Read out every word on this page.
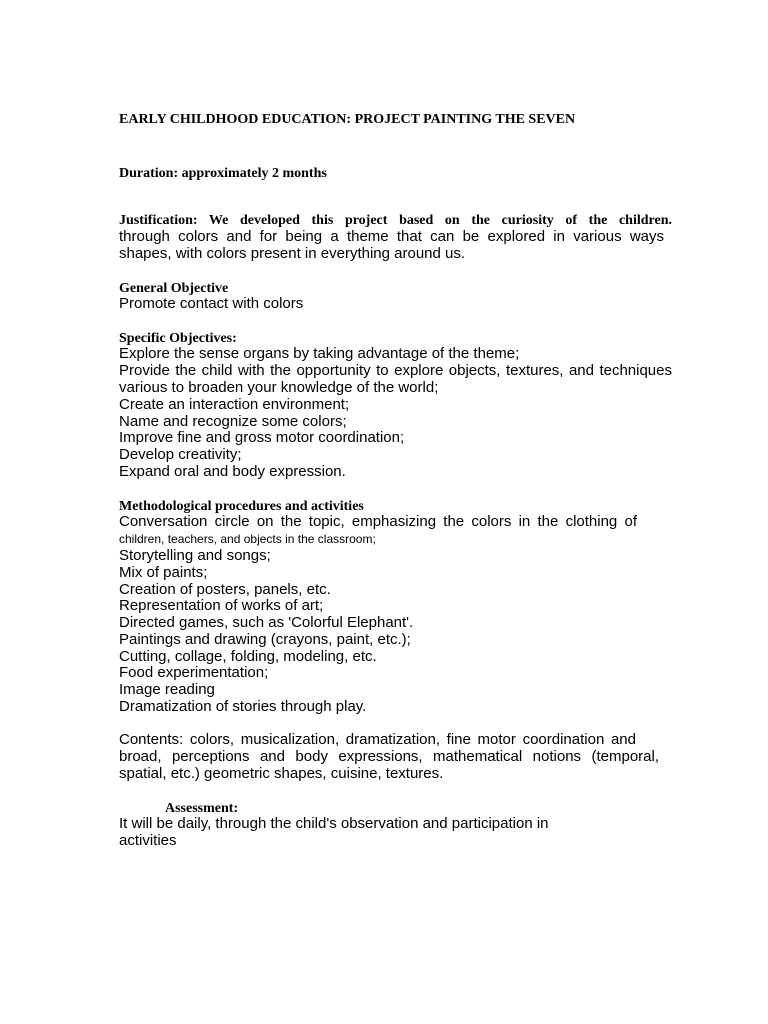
EARLY CHILDHOOD EDUCATION: PROJECT PAINTING THE SEVEN
Duration: approximately 2 months
Justification: We developed this project based on the curiosity of the children.
through colors and for being a theme that can be explored in various ways
shapes, with colors present in everything around us.
General Objective
Promote contact with colors
Specific Objectives:
Explore the sense organs by taking advantage of the theme;
Provide the child with the opportunity to explore objects, textures, and techniques
various to broaden your knowledge of the world;
Create an interaction environment;
Name and recognize some colors;
Improve fine and gross motor coordination;
Develop creativity;
Expand oral and body expression.
Methodological procedures and activities
Conversation circle on the topic, emphasizing the colors in the clothing of
children, teachers, and objects in the classroom;
Storytelling and songs;
Mix of paints;
Creation of posters, panels, etc.
Representation of works of art;
Directed games, such as 'Colorful Elephant'.
Paintings and drawing (crayons, paint, etc.);
Cutting, collage, folding, modeling, etc.
Food experimentation;
Image reading
Dramatization of stories through play.
Contents: colors, musicalization, dramatization, fine motor coordination and
broad, perceptions and body expressions, mathematical notions (temporal,
spatial, etc.) geometric shapes, cuisine, textures.
Assessment:
It will be daily, through the child's observation and participation in
activities
